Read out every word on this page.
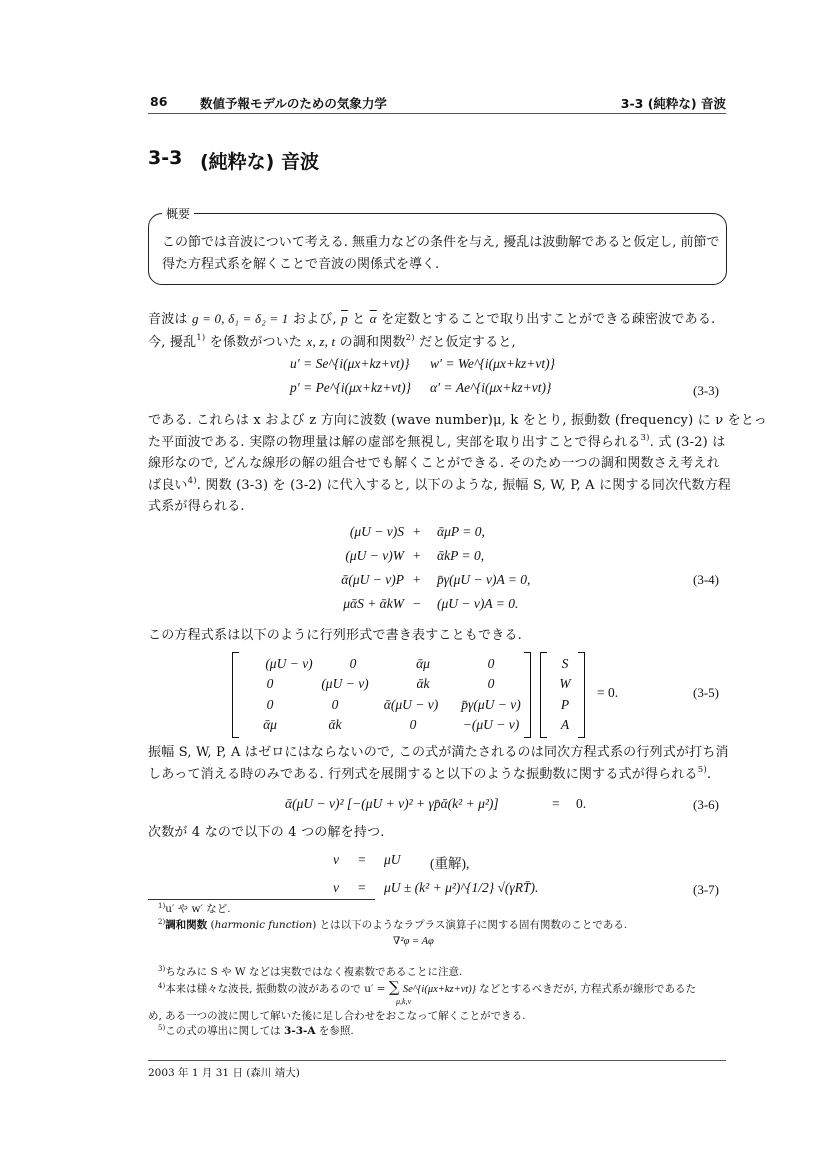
86	数値予報モデルのための気象力学	3-3 (純粋な) 音波
3-3 (純粋な) 音波
概要
この節では音波について考える. 無重力などの条件を与え, 擾乱は波動解であると仮定し, 前節で得た方程式系を解くことで音波の関係式を導く.
音波は g = 0, δ₁ = δ₂ = 1 および, $\overline{p}$ と $\overline{\alpha}$ を定数とすることで取り出すことができる疎密波である.
今, 擾乱$^{1)}$ を係数がついた x, z, t の調和関数$^{2)}$ だと仮定すると,
u′ = Se^{i(μx+kz+νt)} w′ = We^{i(μx+kz+νt)}
p′ = Pe^{i(μx+kz+νt)} α′ = Ae^{i(μx+kz+νt)}	(3-3)
である. これらは x および z 方向に波数 (wave number)μ, k をとり, 振動数 (frequency) に ν をとっ
た平面波である. 実際の物理量は解の虚部を無視し, 実部を取り出すことで得られる$^{3)}$. 式 (3-2) は
線形なので, どんな線形の解の組合せでも解くことができる. そのため一つの調和関数さえ考えれ
ば良い$^{4)}$. 関数 (3-3) を (3-2) に代入すると, 以下のような, 振幅 S, W, P, A に関する同次代数方程
式系が得られる.
(μU − ν)S + ᾱμP = 0,
(μU − ν)W + ᾱkP = 0,
ᾱ(μU − ν)P + p̄γ(μU − ν)A = 0,
μᾱS + ᾱkW − (μU − ν)A = 0.
(3-4)
この方程式系は以下のように行列形式で書き表すこともできる.
(μU − ν)	0	ᾱμ	0
0	(μU − ν)	ᾱk	0
0	0	ᾱ(μU − ν)	p̄γ(μU − ν)
ᾱμ	ᾱk	0	−(μU − ν)
S
W
P
A
= 0.	(3-5)
振幅 S, W, P, A はゼロにはならないので, この式が満たされるのは同次方程式系の行列式が打ち消
しあって消える時のみである. 行列式を展開すると以下のような振動数に関する式が得られる$^{5)}$.
ᾱ(μU − ν)² [−(μU + ν)² + γp̄ᾱ(k² + μ²)]	= 0.	(3-6)
次数が 4 なので以下の 4 つの解を持つ.
ν = μU (重解),
ν = μU ± (k² + μ²)^{1/2} √(γRT̄).	(3-7)
$^{1)}$u′ や w′ など.
$^{2)}$調和関数 (harmonic function) とは以下のようなラプラス演算子に関する固有関数のことである.
∇²φ = Aφ
$^{3)}$ちなみに S や W などは実数ではなく複素数であることに注意.
$^{4)}$本来は様々な波長, 振動数の波があるので u′ = ∑ Se^{i(μx+kz+νt)} などとするべきだが, 方程式系が線形であるた
μ,k,ν
め, ある一つの波に関して解いた後に足し合わせをおこなって解くことができる.
$^{5)}$この式の導出に関しては 3-3-A を参照.
2003 年 1 月 31 日 (森川 靖大)
